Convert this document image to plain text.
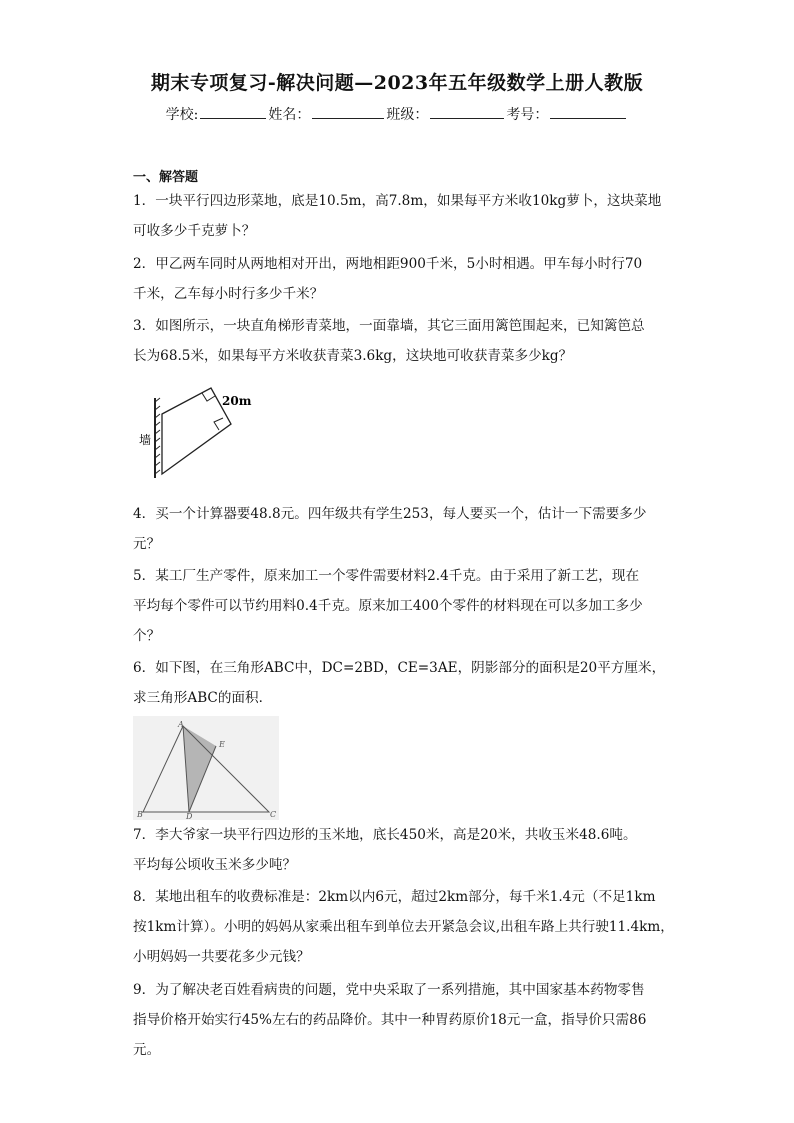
期末专项复习-解决问题—2023年五年级数学上册人教版
学校:	姓名：	班级：	考号：
一、解答题
1．一块平行四边形菜地，底是10.5m，高7.8m，如果每平方米收10kg萝卜，这块菜地
可收多少千克萝卜？
2．甲乙两车同时从两地相对开出，两地相距900千米，5小时相遇。甲车每小时行70
千米，乙车每小时行多少千米？
3．如图所示，一块直角梯形青菜地，一面靠墙，其它三面用篱笆围起来，已知篱笆总
长为68.5米，如果每平方米收获青菜3.6kg，这块地可收获青菜多少kg？
20m
墙
4．买一个计算器要48.8元。四年级共有学生253，每人要买一个，估计一下需要多少
元？
5．某工厂生产零件，原来加工一个零件需要材料2.4千克。由于采用了新工艺，现在
平均每个零件可以节约用料0.4千克。原来加工400个零件的材料现在可以多加工多少
个？
6．如下图，在三角形ABC中，DC=2BD，CE=3AE，阴影部分的面积是20平方厘米，
求三角形ABC的面积．
A
E
B	D	C
7．李大爷家一块平行四边形的玉米地，底长450米，高是20米，共收玉米48.6吨。
平均每公顷收玉米多少吨？
8．某地出租车的收费标准是：2km以内6元，超过2km部分，每千米1.4元（不足1km
按1km计算）。小明的妈妈从家乘出租车到单位去开紧急会议,出租车路上共行驶11.4km，
小明妈妈一共要花多少元钱？
9．为了解决老百姓看病贵的问题，党中央采取了一系列措施，其中国家基本药物零售
指导价格开始实行45%左右的药品降价。其中一种胃药原价18元一盒，指导价只需86
元。
